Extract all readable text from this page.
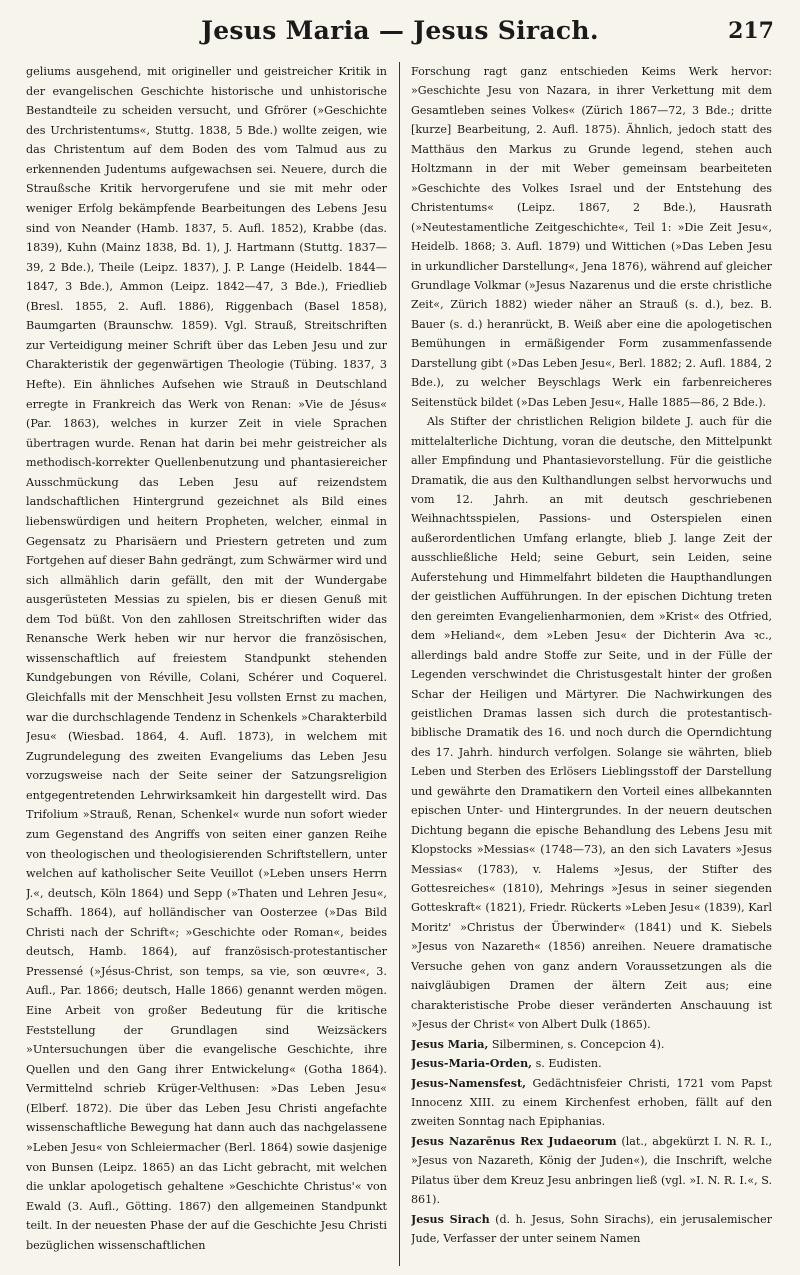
Jesus Maria — Jesus Sirach.	217

geliums ausgehend, mit origineller und geistreicher Kritik in der evangelischen Geschichte historische und unhistorische Bestandteile zu scheiden versucht, und Gfrörer (»Geschichte des Urchristentums«, Stuttg. 1838, 5 Bde.) wollte zeigen, wie das Christentum auf dem Boden des vom Talmud aus zu erkennenden Judentums aufgewachsen sei. Neuere, durch die Straußsche Kritik hervorgerufene und sie mit mehr oder weniger Erfolg bekämpfende Bearbeitungen des Lebens Jesu sind von Neander (Hamb. 1837, 5. Aufl. 1852), Krabbe (das. 1839), Kuhn (Mainz 1838, Bd. 1), J. Hartmann (Stuttg. 1837—39, 2 Bde.), Theile (Leipz. 1837), J. P. Lange (Heidelb. 1844—1847, 3 Bde.), Ammon (Leipz. 1842—47, 3 Bde.), Friedlieb (Bresl. 1855, 2. Aufl. 1886), Riggenbach (Basel 1858), Baumgarten (Braunschw. 1859). Vgl. Strauß, Streitschriften zur Verteidigung meiner Schrift über das Leben Jesu und zur Charakteristik der gegenwärtigen Theologie (Tübing. 1837, 3 Hefte). Ein ähnliches Aufsehen wie Strauß in Deutschland erregte in Frankreich das Werk von Renan: »Vie de Jésus« (Par. 1863), welches in kurzer Zeit in viele Sprachen übertragen wurde. Renan hat darin bei mehr geistreicher als methodisch-korrekter Quellenbenutzung und phantasiereicher Ausschmückung das Leben Jesu auf reizendstem landschaftlichen Hintergrund gezeichnet als Bild eines liebenswürdigen und heitern Propheten, welcher, einmal in Gegensatz zu Pharisäern und Priestern getreten und zum Fortgehen auf dieser Bahn gedrängt, zum Schwärmer wird und sich allmählich darin gefällt, den mit der Wundergabe ausgerüsteten Messias zu spielen, bis er diesen Genuß mit dem Tod büßt. Von den zahllosen Streitschriften wider das Renansche Werk heben wir nur hervor die französischen, wissenschaftlich auf freiestem Standpunkt stehenden Kundgebungen von Réville, Colani, Schérer und Coquerel. Gleichfalls mit der Menschheit Jesu vollsten Ernst zu machen, war die durchschlagende Tendenz in Schenkels »Charakterbild Jesu« (Wiesbad. 1864, 4. Aufl. 1873), in welchem mit Zugrundelegung des zweiten Evangeliums das Leben Jesu vorzugsweise nach der Seite seiner der Satzungsreligion entgegentretenden Lehrwirksamkeit hin dargestellt wird. Das Trifolium »Strauß, Renan, Schenkel« wurde nun sofort wieder zum Gegenstand des Angriffs von seiten einer ganzen Reihe von theologischen und theologisierenden Schriftstellern, unter welchen auf katholischer Seite Veuillot (»Leben unsers Herrn J.«, deutsch, Köln 1864) und Sepp (»Thaten und Lehren Jesu«, Schaffh. 1864), auf holländischer van Oosterzee (»Das Bild Christi nach der Schrift«; »Geschichte oder Roman«, beides deutsch, Hamb. 1864), auf französisch-protestantischer Pressensé (»Jésus-Christ, son temps, sa vie, son œuvre«, 3. Aufl., Par. 1866; deutsch, Halle 1866) genannt werden mögen. Eine Arbeit von großer Bedeutung für die kritische Feststellung der Grundlagen sind Weizsäckers »Untersuchungen über die evangelische Geschichte, ihre Quellen und den Gang ihrer Entwickelung« (Gotha 1864). Vermittelnd schrieb Krüger-Velthusen: »Das Leben Jesu« (Elberf. 1872). Die über das Leben Jesu Christi angefachte wissenschaftliche Bewegung hat dann auch das nachgelassene »Leben Jesu« von Schleiermacher (Berl. 1864) sowie dasjenige von Bunsen (Leipz. 1865) an das Licht gebracht, mit welchen die unklar apologetisch gehaltene »Geschichte Christus'« von Ewald (3. Aufl., Götting. 1867) den allgemeinen Standpunkt teilt. In der neuesten Phase der auf die Geschichte Jesu Christi bezüglichen wissenschaftlichen

Forschung ragt ganz entschieden Keims Werk hervor: »Geschichte Jesu von Nazara, in ihrer Verkettung mit dem Gesamtleben seines Volkes« (Zürich 1867—72, 3 Bde.; dritte [kurze] Bearbeitung, 2. Aufl. 1875). Ähnlich, jedoch statt des Matthäus den Markus zu Grunde legend, stehen auch Holtzmann in der mit Weber gemeinsam bearbeiteten »Geschichte des Volkes Israel und der Entstehung des Christentums« (Leipz. 1867, 2 Bde.), Hausrath (»Neutestamentliche Zeitgeschichte«, Teil 1: »Die Zeit Jesu«, Heidelb. 1868; 3. Aufl. 1879) und Wittichen (»Das Leben Jesu in urkundlicher Darstellung«, Jena 1876), während auf gleicher Grundlage Volkmar (»Jesus Nazarenus und die erste christliche Zeit«, Zürich 1882) wieder näher an Strauß (s. d.), bez. B. Bauer (s. d.) heranrückt, B. Weiß aber eine die apologetischen Bemühungen in ermäßigender Form zusammenfassende Darstellung gibt (»Das Leben Jesu«, Berl. 1882; 2. Aufl. 1884, 2 Bde.), zu welcher Beyschlags Werk ein farbenreicheres Seitenstück bildet (»Das Leben Jesu«, Halle 1885—86, 2 Bde.).

Als Stifter der christlichen Religion bildete J. auch für die mittelalterliche Dichtung, voran die deutsche, den Mittelpunkt aller Empfindung und Phantasievorstellung. Für die geistliche Dramatik, die aus den Kulthandlungen selbst hervorwuchs und vom 12. Jahrh. an mit deutsch geschriebenen Weihnachtsspielen, Passions- und Osterspielen einen außerordentlichen Umfang erlangte, blieb J. lange Zeit der ausschließliche Held; seine Geburt, sein Leiden, seine Auferstehung und Himmelfahrt bildeten die Haupthandlungen der geistlichen Aufführungen. In der epischen Dichtung treten den gereimten Evangelienharmonien, dem »Krist« des Otfried, dem »Heliand«, dem »Leben Jesu« der Dichterin Ava ꝛc., allerdings bald andre Stoffe zur Seite, und in der Fülle der Legenden verschwindet die Christusgestalt hinter der großen Schar der Heiligen und Märtyrer. Die Nachwirkungen des geistlichen Dramas lassen sich durch die protestantisch-biblische Dramatik des 16. und noch durch die Operndichtung des 17. Jahrh. hindurch verfolgen. Solange sie währten, blieb Leben und Sterben des Erlösers Lieblingsstoff der Darstellung und gewährte den Dramatikern den Vorteil eines allbekannten epischen Unter- und Hintergrundes. In der neuern deutschen Dichtung begann die epische Behandlung des Lebens Jesu mit Klopstocks »Messias« (1748—73), an den sich Lavaters »Jesus Messias« (1783), v. Halems »Jesus, der Stifter des Gottesreiches« (1810), Mehrings »Jesus in seiner siegenden Gotteskraft« (1821), Friedr. Rückerts »Leben Jesu« (1839), Karl Moritz' »Christus der Überwinder« (1841) und K. Siebels »Jesus von Nazareth« (1856) anreihen. Neuere dramatische Versuche gehen von ganz andern Voraussetzungen als die naivgläubigen Dramen der ältern Zeit aus; eine charakteristische Probe dieser veränderten Anschauung ist »Jesus der Christ« von Albert Dulk (1865).

Jesus Maria, Silberminen, s. Concepcion 4).

Jesus-Maria-Orden, s. Eudisten.

Jesus-Namensfest, Gedächtnisfeier Christi, 1721 vom Papst Innocenz XIII. zu einem Kirchenfest erhoben, fällt auf den zweiten Sonntag nach Epiphanias.

Jesus Nazarēnus Rex Judaeorum (lat., abgekürzt I. N. R. I., »Jesus von Nazareth, König der Juden«), die Inschrift, welche Pilatus über dem Kreuz Jesu anbringen ließ (vgl. »I. N. R. I.«, S. 861).

Jesus Sirach (d. h. Jesus, Sohn Sirachs), ein jerusalemischer Jude, Verfasser der unter seinem Namen
